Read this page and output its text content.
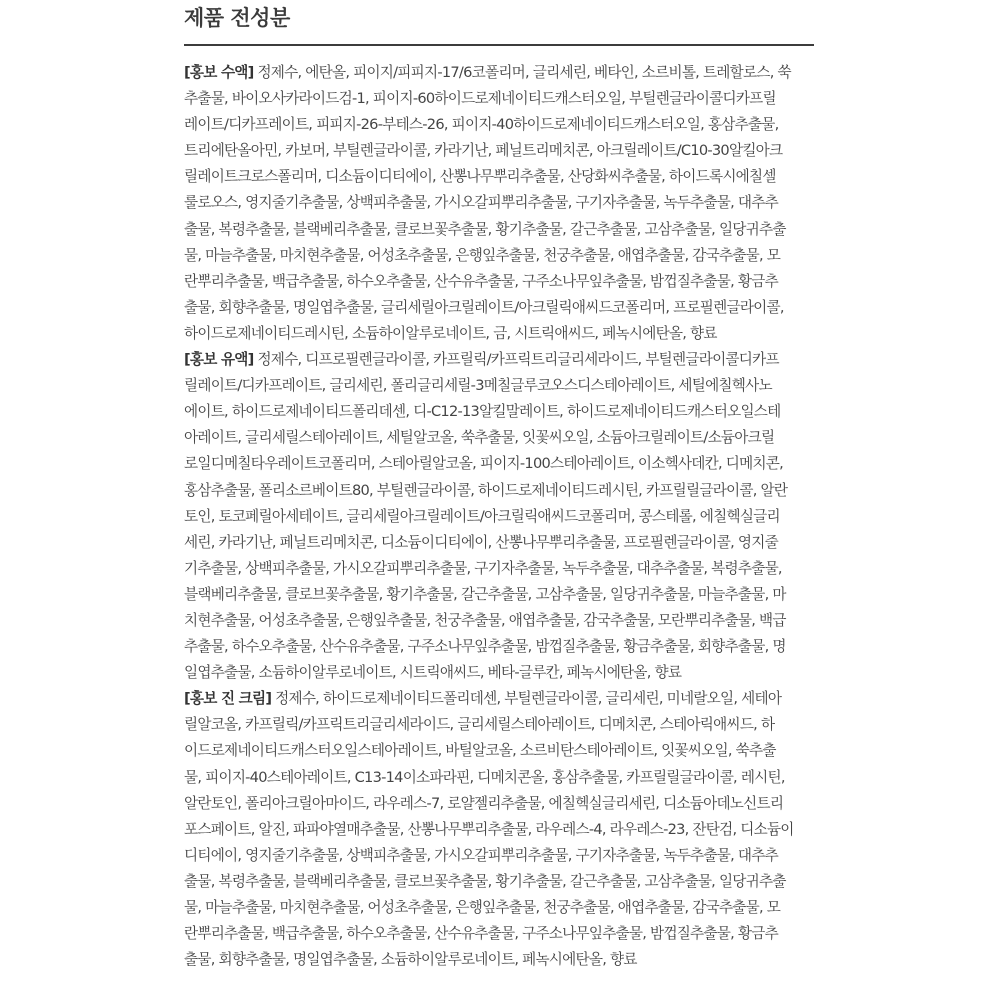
제품 전성분
[홍보 수액] 정제수, 에탄올, 피이지/피피지-17/6코폴리머, 글리세린, 베타인, 소르비톨, 트레할로스, 쑥
추출물, 바이오사카라이드검-1, 피이지-60하이드로제네이티드캐스터오일, 부틸렌글라이콜디카프릴
레이트/디카프레이트, 피피지-26-부테스-26, 피이지-40하이드로제네이티드캐스터오일, 홍삼추출물,
트리에탄올아민, 카보머, 부틸렌글라이콜, 카라기난, 페닐트리메치콘, 아크릴레이트/C10-30알킬아크
릴레이트크로스폴리머, 디소듐이디티에이, 산뽕나무뿌리추출물, 산당화씨추출물, 하이드록시에칠셀
룰로오스, 영지줄기추출물, 상백피추출물, 가시오갈피뿌리추출물, 구기자추출물, 녹두추출물, 대추추
출물, 복령추출물, 블랙베리추출물, 클로브꽃추출물, 황기추출물, 갈근추출물, 고삼추출물, 일당귀추출
물, 마늘추출물, 마치현추출물, 어성초추출물, 은행잎추출물, 천궁추출물, 애엽추출물, 감국추출물, 모
란뿌리추출물, 백급추출물, 하수오추출물, 산수유추출물, 구주소나무잎추출물, 밤껍질추출물, 황금추
출물, 회향추출물, 명일엽추출물, 글리세릴아크릴레이트/아크릴릭애씨드코폴리머, 프로필렌글라이콜,
하이드로제네이티드레시틴, 소듐하이알루로네이트, 금, 시트릭애씨드, 페녹시에탄올, 향료
[홍보 유액] 정제수, 디프로필렌글라이콜, 카프릴릭/카프릭트리글리세라이드, 부틸렌글라이콜디카프
릴레이트/디카프레이트, 글리세린, 폴리글리세릴-3메칠글루코오스디스테아레이트, 세틸에칠헥사노
에이트, 하이드로제네이티드폴리데센, 디-C12-13알킬말레이트, 하이드로제네이티드캐스터오일스테
아레이트, 글리세릴스테아레이트, 세틸알코올, 쑥추출물, 잇꽃씨오일, 소듐아크릴레이트/소듐아크릴
로일디메칠타우레이트코폴리머, 스테아릴알코올, 피이지-100스테아레이트, 이소헥사데칸, 디메치콘,
홍삼추출물, 폴리소르베이트80, 부틸렌글라이콜, 하이드로제네이티드레시틴, 카프릴릴글라이콜, 알란
토인, 토코페릴아세테이트, 글리세릴아크릴레이트/아크릴릭애씨드코폴리머, 콩스테롤, 에칠헥실글리
세린, 카라기난, 페닐트리메치콘, 디소듐이디티에이, 산뽕나무뿌리추출물, 프로필렌글라이콜, 영지줄
기추출물, 상백피추출물, 가시오갈피뿌리추출물, 구기자추출물, 녹두추출물, 대추추출물, 복령추출물,
블랙베리추출물, 클로브꽃추출물, 황기추출물, 갈근추출물, 고삼추출물, 일당귀추출물, 마늘추출물, 마
치현추출물, 어성초추출물, 은행잎추출물, 천궁추출물, 애엽추출물, 감국추출물, 모란뿌리추출물, 백급
추출물, 하수오추출물, 산수유추출물, 구주소나무잎추출물, 밤껍질추출물, 황금추출물, 회향추출물, 명
일엽추출물, 소듐하이알루로네이트, 시트릭애씨드, 베타-글루칸, 페녹시에탄올, 향료
[홍보 진 크림] 정제수, 하이드로제네이티드폴리데센, 부틸렌글라이콜, 글리세린, 미네랄오일, 세테아
릴알코올, 카프릴릭/카프릭트리글리세라이드, 글리세릴스테아레이트, 디메치콘, 스테아릭애씨드, 하
이드로제네이티드캐스터오일스테아레이트, 바틸알코올, 소르비탄스테아레이트, 잇꽃씨오일, 쑥추출
물, 피이지-40스테아레이트, C13-14이소파라핀, 디메치콘올, 홍삼추출물, 카프릴릴글라이콜, 레시틴,
알란토인, 폴리아크릴아마이드, 라우레스-7, 로얄젤리추출물, 에칠헥실글리세린, 디소듐아데노신트리
포스페이트, 알진, 파파야열매추출물, 산뽕나무뿌리추출물, 라우레스-4, 라우레스-23, 잔탄검, 디소듐이
디티에이, 영지줄기추출물, 상백피추출물, 가시오갈피뿌리추출물, 구기자추출물, 녹두추출물, 대추추
출물, 복령추출물, 블랙베리추출물, 클로브꽃추출물, 황기추출물, 갈근추출물, 고삼추출물, 일당귀추출
물, 마늘추출물, 마치현추출물, 어성초추출물, 은행잎추출물, 천궁추출물, 애엽추출물, 감국추출물, 모
란뿌리추출물, 백급추출물, 하수오추출물, 산수유추출물, 구주소나무잎추출물, 밤껍질추출물, 황금추
출물, 회향추출물, 명일엽추출물, 소듐하이알루로네이트, 페녹시에탄올, 향료
